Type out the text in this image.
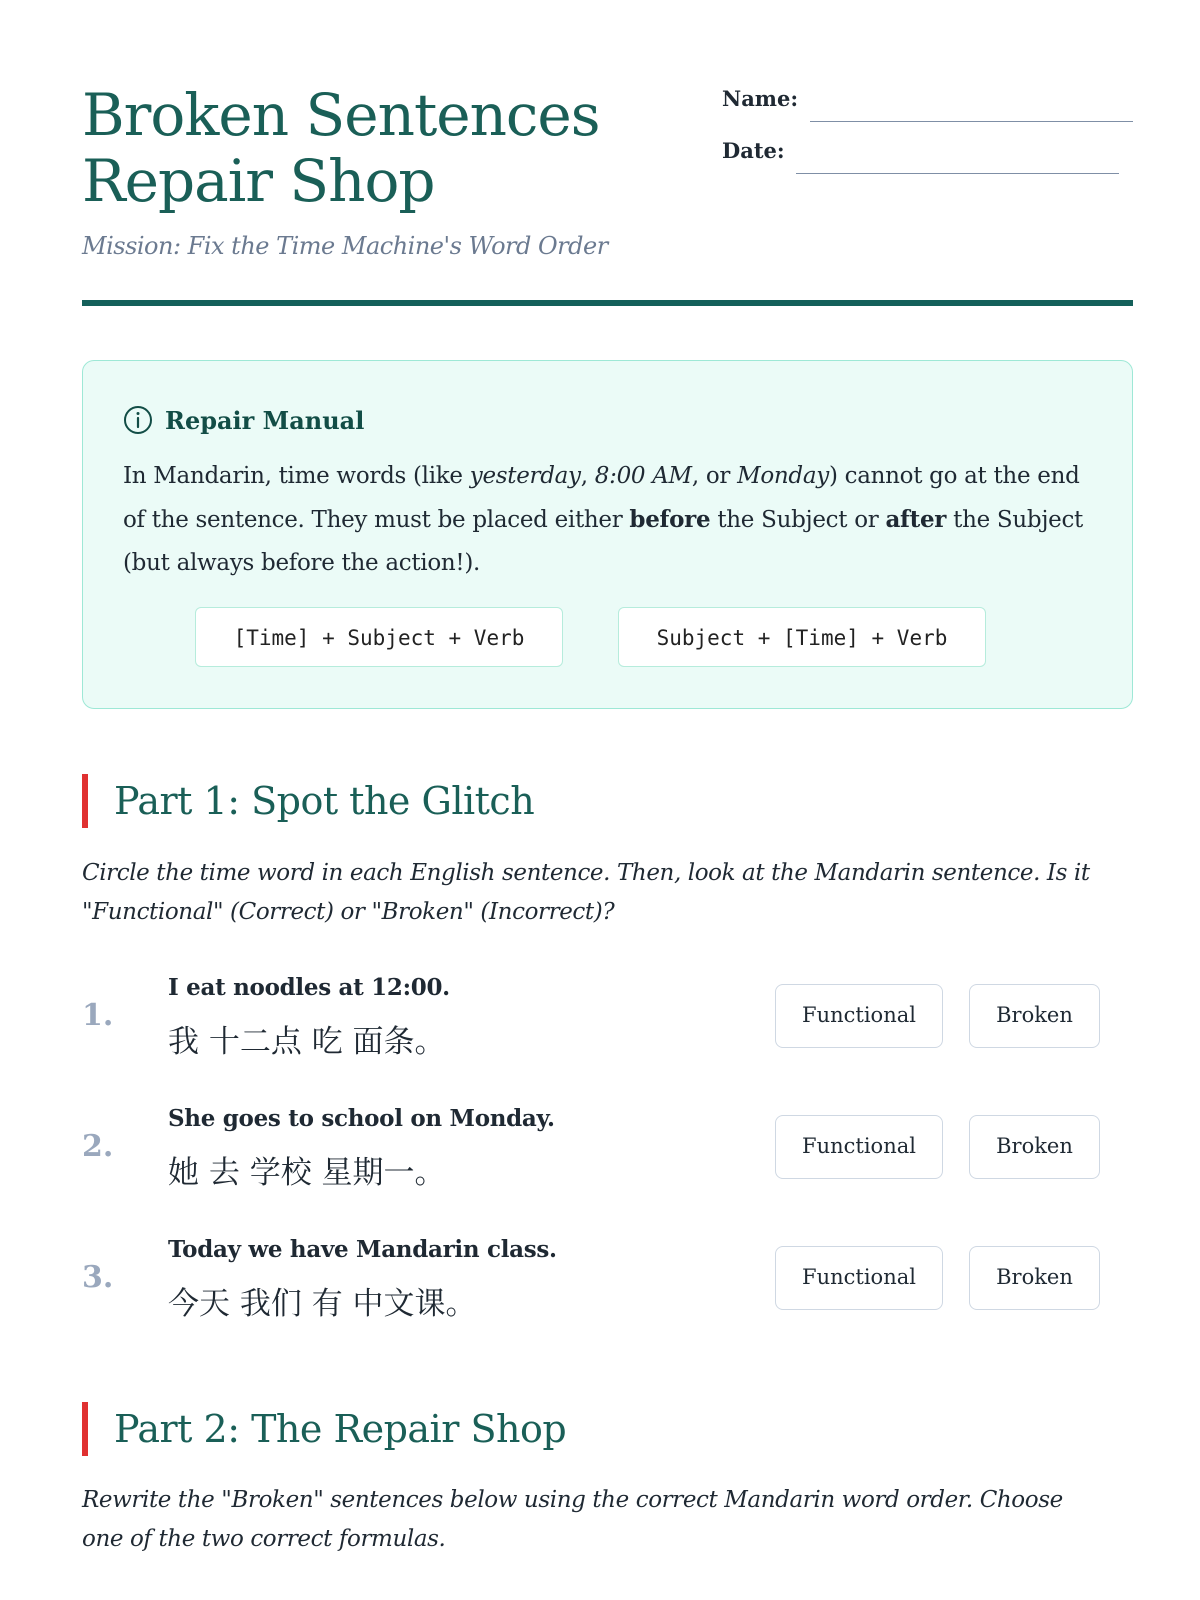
Broken Sentences
Repair Shop
Mission: Fix the Time Machine's Word Order
Name:
Date:
Repair Manual
In Mandarin, time words (like yesterday, 8:00 AM, or Monday) cannot go at the end of the sentence. They must be placed either before the Subject or after the Subject (but always before the action!).
[Time] + Subject + Verb	Subject + [Time] + Verb
Part 1: Spot the Glitch
Circle the time word in each English sentence. Then, look at the Mandarin sentence. Is it "Functional" (Correct) or "Broken" (Incorrect)?
1.
I eat noodles at 12:00.
我 十二点 吃 面条。
Functional	Broken
2.
She goes to school on Monday.
她 去 学校 星期一。
Functional	Broken
3.
Today we have Mandarin class.
今天 我们 有 中文课。
Functional	Broken
Part 2: The Repair Shop
Rewrite the "Broken" sentences below using the correct Mandarin word order. Choose one of the two correct formulas.
